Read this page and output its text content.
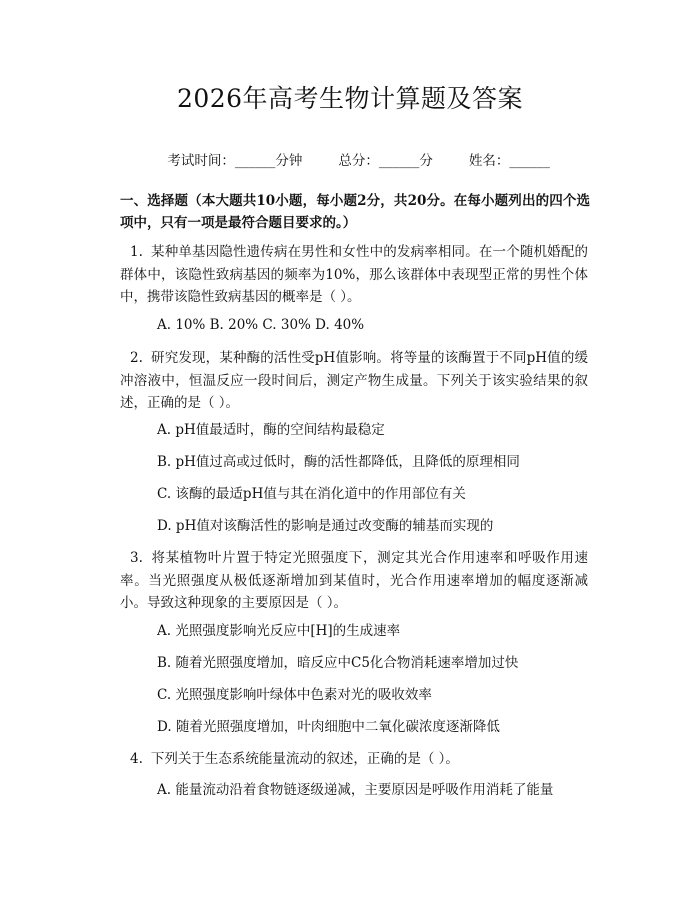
2026年高考生物计算题及答案

考试时间：______分钟	总分：______分	姓名：______

一、选择题（本大题共10小题，每小题2分，共20分。在每小题列出的四个选项中，只有一项是最符合题目要求的。）
1. 某种单基因隐性遗传病在男性和女性中的发病率相同。在一个随机婚配的群体中，该隐性致病基因的频率为10%，那么该群体中表现型正常的男性个体中，携带该隐性致病基因的概率是（ ）。
A. 10% B. 20% C. 30% D. 40%
2. 研究发现，某种酶的活性受pH值影响。将等量的该酶置于不同pH值的缓冲溶液中，恒温反应一段时间后，测定产物生成量。下列关于该实验结果的叙述，正确的是（ ）。
A. pH值最适时，酶的空间结构最稳定
B. pH值过高或过低时，酶的活性都降低，且降低的原理相同
C. 该酶的最适pH值与其在消化道中的作用部位有关
D. pH值对该酶活性的影响是通过改变酶的辅基而实现的
3. 将某植物叶片置于特定光照强度下，测定其光合作用速率和呼吸作用速率。当光照强度从极低逐渐增加到某值时，光合作用速率增加的幅度逐渐减小。导致这种现象的主要原因是（ ）。
A. 光照强度影响光反应中[H]的生成速率
B. 随着光照强度增加，暗反应中C5化合物消耗速率增加过快
C. 光照强度影响叶绿体中色素对光的吸收效率
D. 随着光照强度增加，叶肉细胞中二氧化碳浓度逐渐降低
4. 下列关于生态系统能量流动的叙述，正确的是（ ）。
A. 能量流动沿着食物链逐级递减，主要原因是呼吸作用消耗了能量
